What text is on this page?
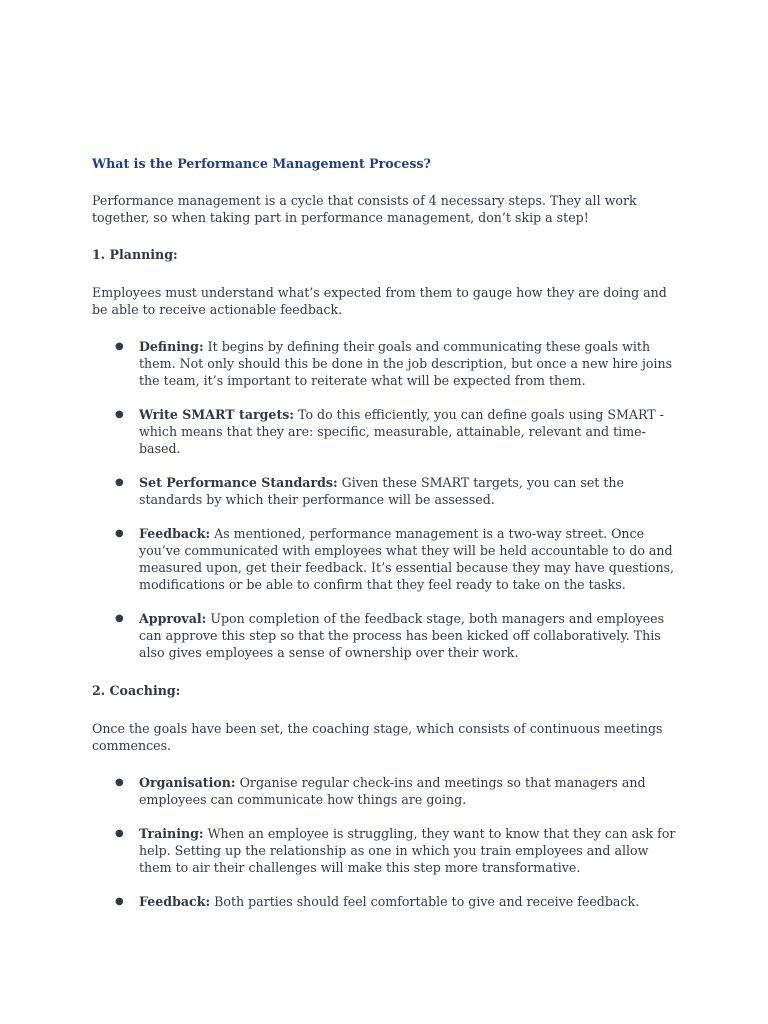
What is the Performance Management Process?

Performance management is a cycle that consists of 4 necessary steps. They all work together, so when taking part in performance management, don’t skip a step!

1. Planning:

Employees must understand what’s expected from them to gauge how they are doing and be able to receive actionable feedback.

● Defining: It begins by defining their goals and communicating these goals with them. Not only should this be done in the job description, but once a new hire joins the team, it’s important to reiterate what will be expected from them.
● Write SMART targets: To do this efficiently, you can define goals using SMART - which means that they are: specific, measurable, attainable, relevant and time-based.
● Set Performance Standards: Given these SMART targets, you can set the standards by which their performance will be assessed.
● Feedback: As mentioned, performance management is a two-way street. Once you’ve communicated with employees what they will be held accountable to do and measured upon, get their feedback. It’s essential because they may have questions, modifications or be able to confirm that they feel ready to take on the tasks.
● Approval: Upon completion of the feedback stage, both managers and employees can approve this step so that the process has been kicked off collaboratively. This also gives employees a sense of ownership over their work.
2. Coaching:

Once the goals have been set, the coaching stage, which consists of continuous meetings commences.

● Organisation: Organise regular check-ins and meetings so that managers and employees can communicate how things are going.
● Training: When an employee is struggling, they want to know that they can ask for help. Setting up the relationship as one in which you train employees and allow them to air their challenges will make this step more transformative.
● Feedback: Both parties should feel comfortable to give and receive feedback.
